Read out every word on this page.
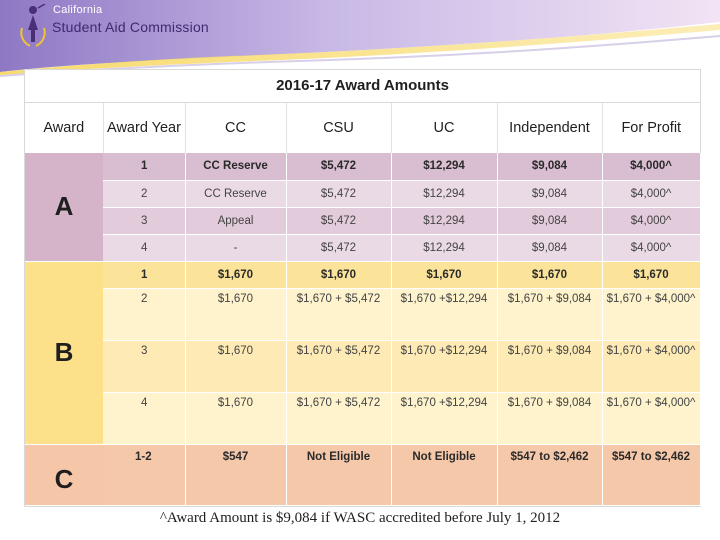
California
Student Aid Commission
2016-17 Award Amounts						
Award	Award Year	CC	CSU	UC	Independent	For Profit
A	1	CC Reserve	$5,472	$12,294	$9,084	$4,000^
	2	CC Reserve	$5,472	$12,294	$9,084	$4,000^
	3	Appeal	$5,472	$12,294	$9,084	$4,000^
	4	-	$5,472	$12,294	$9,084	$4,000^
B	1	$1,670	$1,670	$1,670	$1,670	$1,670
	2	$1,670	$1,670 + $5,472	$1,670 +$12,294	$1,670 + $9,084	$1,670 + $4,000^
	3	$1,670	$1,670 + $5,472	$1,670 +$12,294	$1,670 + $9,084	$1,670 + $4,000^
	4	$1,670	$1,670 + $5,472	$1,670 +$12,294	$1,670 + $9,084	$1,670 + $4,000^
C	1-2	$547	Not Eligible	Not Eligible	$547 to $2,462	$547 to $2,462
^Award Amount is $9,084 if WASC accredited before July 1, 2012
